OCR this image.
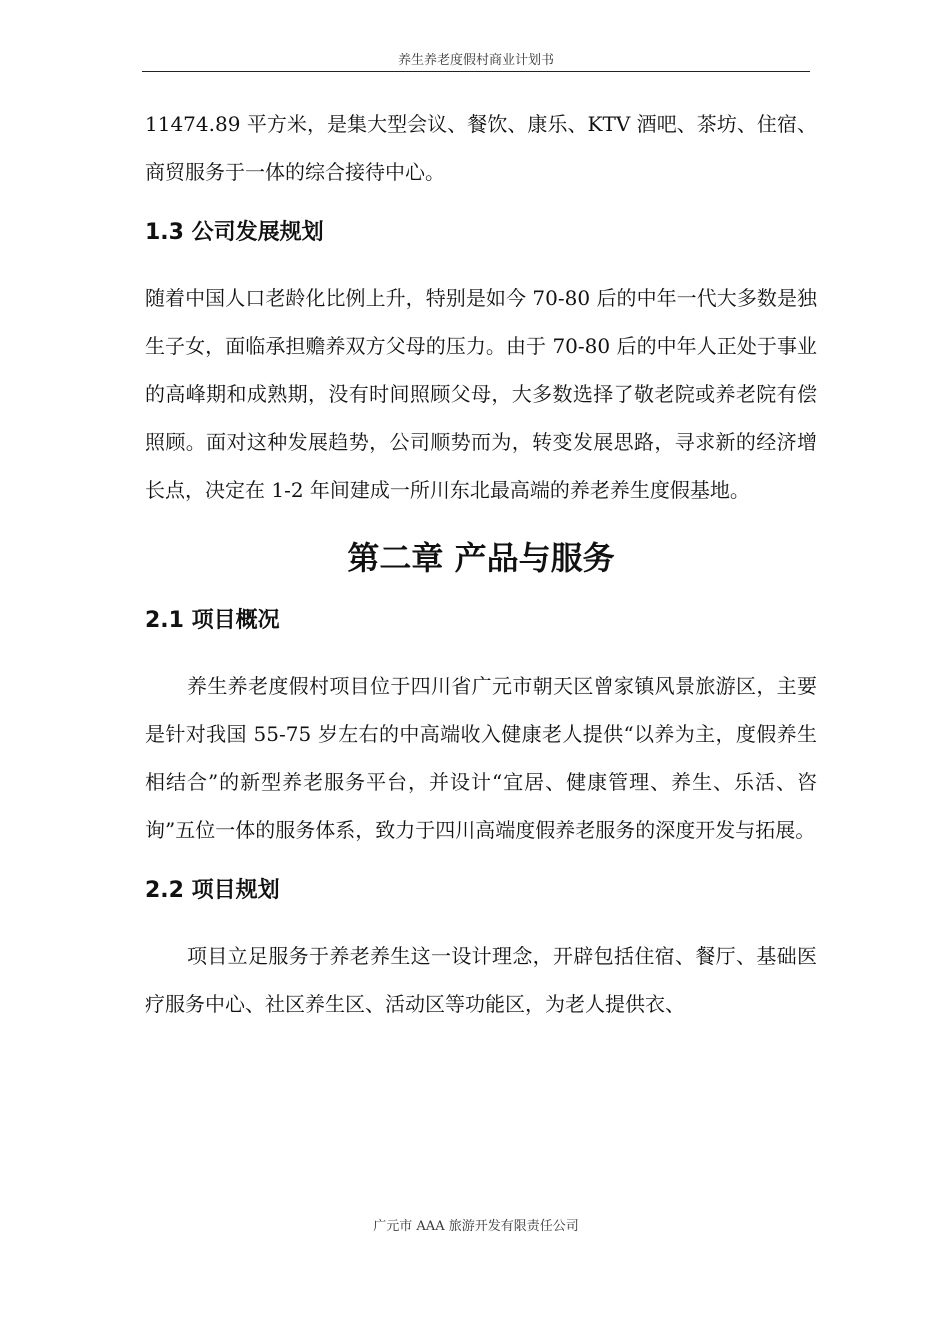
养生养老度假村商业计划书

11474.89 平方米，是集大型会议、餐饮、康乐、KTV 酒吧、茶坊、住宿、商贸服务于一体的综合接待中心。

1.3 公司发展规划

随着中国人口老龄化比例上升，特别是如今 70-80 后的中年一代大多数是独生子女，面临承担赡养双方父母的压力。由于 70-80 后的中年人正处于事业的高峰期和成熟期，没有时间照顾父母，大多数选择了敬老院或养老院有偿照顾。面对这种发展趋势，公司顺势而为，转变发展思路，寻求新的经济增长点，决定在 1-2 年间建成一所川东北最高端的养老养生度假基地。

第二章 产品与服务
2.1 项目概况

养生养老度假村项目位于四川省广元市朝天区曾家镇风景旅游区，主要是针对我国 55-75 岁左右的中高端收入健康老人提供“以养为主，度假养生相结合”的新型养老服务平台，并设计“宜居、健康管理、养生、乐活、咨询”五位一体的服务体系，致力于四川高端度假养老服务的深度开发与拓展。

2.2 项目规划

项目立足服务于养老养生这一设计理念，开辟包括住宿、餐厅、基础医疗服务中心、社区养生区、活动区等功能区，为老人提供衣、

广元市 AAA 旅游开发有限责任公司
